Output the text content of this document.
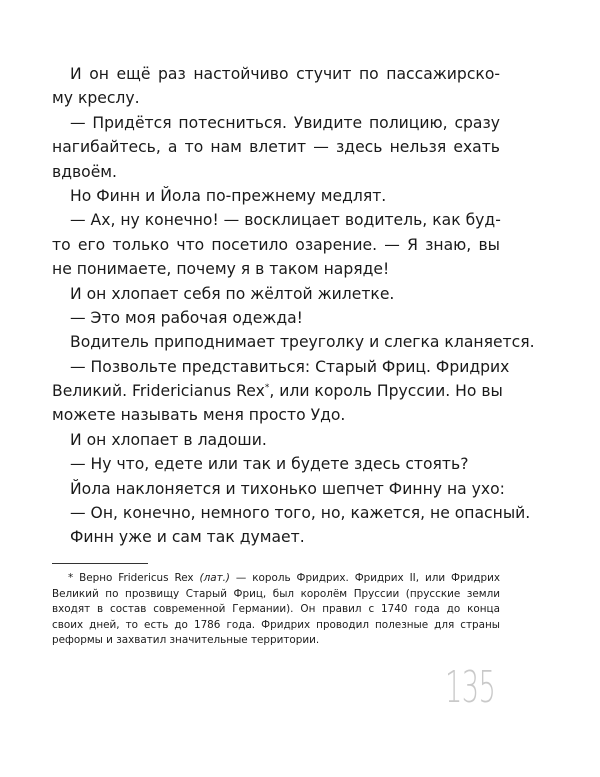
И он ещё раз настойчиво стучит по пассажирско-
му креслу.
— Придётся потесниться. Увидите полицию, сразу
нагибайтесь, а то нам влетит — здесь нельзя ехать
вдвоём.
Но Финн и Йола по-прежнему медлят.
— Ах, ну конечно! — восклицает водитель, как буд-
то его только что посетило озарение. — Я знаю, вы
не понимаете, почему я в таком наряде!
И он хлопает себя по жёлтой жилетке.
— Это моя рабочая одежда!
Водитель приподнимает треуголку и слегка кланяется.
— Позвольте представиться: Старый Фриц. Фридрих
Великий. Fridericianus Rex*, или король Пруссии. Но вы
можете называть меня просто Удо.
И он хлопает в ладоши.
— Ну что, едете или так и будете здесь стоять?
Йола наклоняется и тихонько шепчет Финну на ухо:
— Он, конечно, немного того, но, кажется, не опасный.
Финн уже и сам так думает.
* Верно Fridericus Rex (лат.) — король Фридрих. Фридрих II, или Фридрих
Великий по прозвищу Старый Фриц, был королём Пруссии (прусские земли
входят в состав современной Германии). Он правил с 1740 года до конца
своих дней, то есть до 1786 года. Фридрих проводил полезные для страны
реформы и захватил значительные территории.
135
